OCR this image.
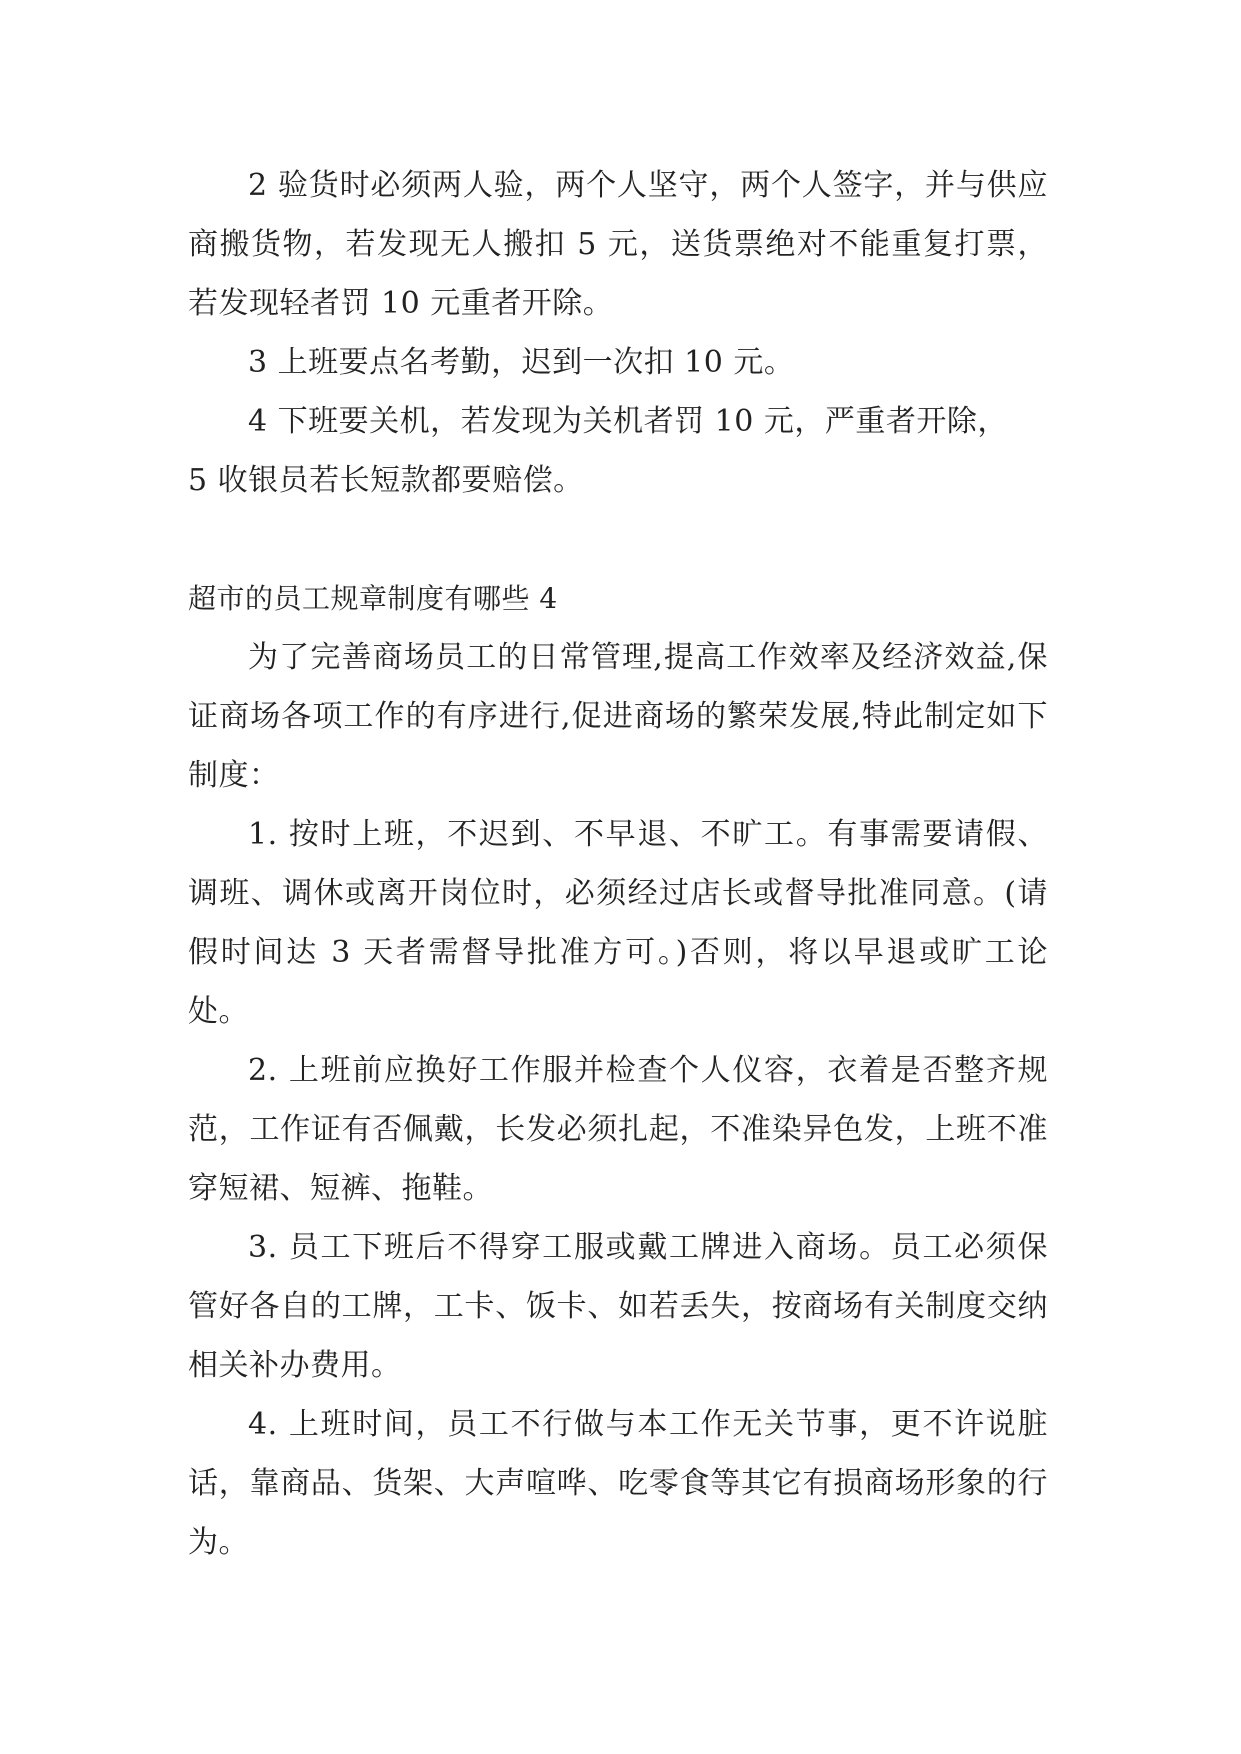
2 验货时必须两人验，两个人坚守，两个人签字，并与供应商搬货物，若发现无人搬扣 5 元，送货票绝对不能重复打票，若发现轻者罚 10 元重者开除。

3 上班要点名考勤，迟到一次扣 10 元。

4 下班要关机，若发现为关机者罚 10 元，严重者开除，

5 收银员若长短款都要赔偿。

超市的员工规章制度有哪些 4

为了完善商场员工的日常管理,提高工作效率及经济效益,保证商场各项工作的有序进行,促进商场的繁荣发展,特此制定如下制度：

1. 按时上班，不迟到、不早退、不旷工。有事需要请假、调班、调休或离开岗位时，必须经过店长或督导批准同意。(请假时间达 3 天者需督导批准方可。)否则，将以早退或旷工论处。

2. 上班前应换好工作服并检查个人仪容，衣着是否整齐规范，工作证有否佩戴，长发必须扎起，不准染异色发，上班不准穿短裙、短裤、拖鞋。

3. 员工下班后不得穿工服或戴工牌进入商场。员工必须保管好各自的工牌，工卡、饭卡、如若丢失，按商场有关制度交纳相关补办费用。

4. 上班时间，员工不行做与本工作无关节事，更不许说脏话，靠商品、货架、大声喧哗、吃零食等其它有损商场形象的行为。
